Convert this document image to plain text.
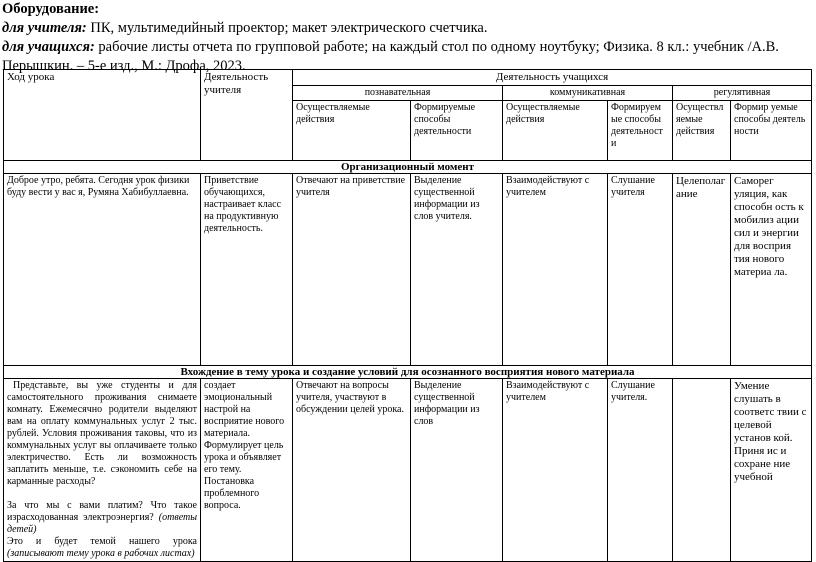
Оборудование:
для учителя: ПК, мультимедийный проектор; макет электрического счетчика.
для учащихся: рабочие листы отчета по групповой работе; на каждый стол по одному ноутбуку; Физика. 8 кл.: учебник /А.В. Перышкин. – 5-е изд., М.: Дрофа, 2023.
Ход урока	Деятельность учителя	Деятельность учащихся					
		познавательная		коммуникативная		регулятивная	
		Осуществляемые действия	Формируемые способы деятельности	Осуществляемые действия	Формируем ые способы деятельност и	Осуществл яемые действия	Формир уемые способы деятель ности
Организационный момент							
Доброе утро, ребята. Сегодня урок физики буду вести у вас я, Румяна Хабибуллаевна.	Приветствие обучающихся, настраивает класс на продуктивную деятельность.	Отвечают на приветствие учителя	Выделение существенной информации из слов учителя.	Взаимодействуют с учителем	Слушание учителя	Целеполаг ание	Саморег уляция, как способн ость к мобилиз ации сил и энергии для восприя тия нового материа ла.
Вхождение в тему урока и создание условий для осознанного восприятия нового материала							

Представьте, вы уже студенты и для самостоятельного проживания снимаете комнату. Ежемесячно родители выделяют вам на оплату коммунальных услуг 2 тыс. рублей. Условия проживания таковы, что из коммунальных услуг вы оплачиваете только электричество. Есть ли возможность заплатить меньше, т.е. сэкономить себе на карманные расходы?
За что мы с вами платим? Что такое израсходованная электроэнергия? (ответы детей)
Это и будет темой нашего урока (записывают тему урока в рабочих листах)	создает эмоциональный настрой на восприятие нового материала. Формулирует цель урока и объявляет его тему. Постановка проблемного вопроса.	Отвечают на вопросы учителя, участвуют в обсуждении целей урока.	Выделение существенной информации из слов	Взаимодействуют с учителем	Слушание учителя.		Умение слушать в соответс твии с целевой установ кой. Приня ис и сохране ние учебной
